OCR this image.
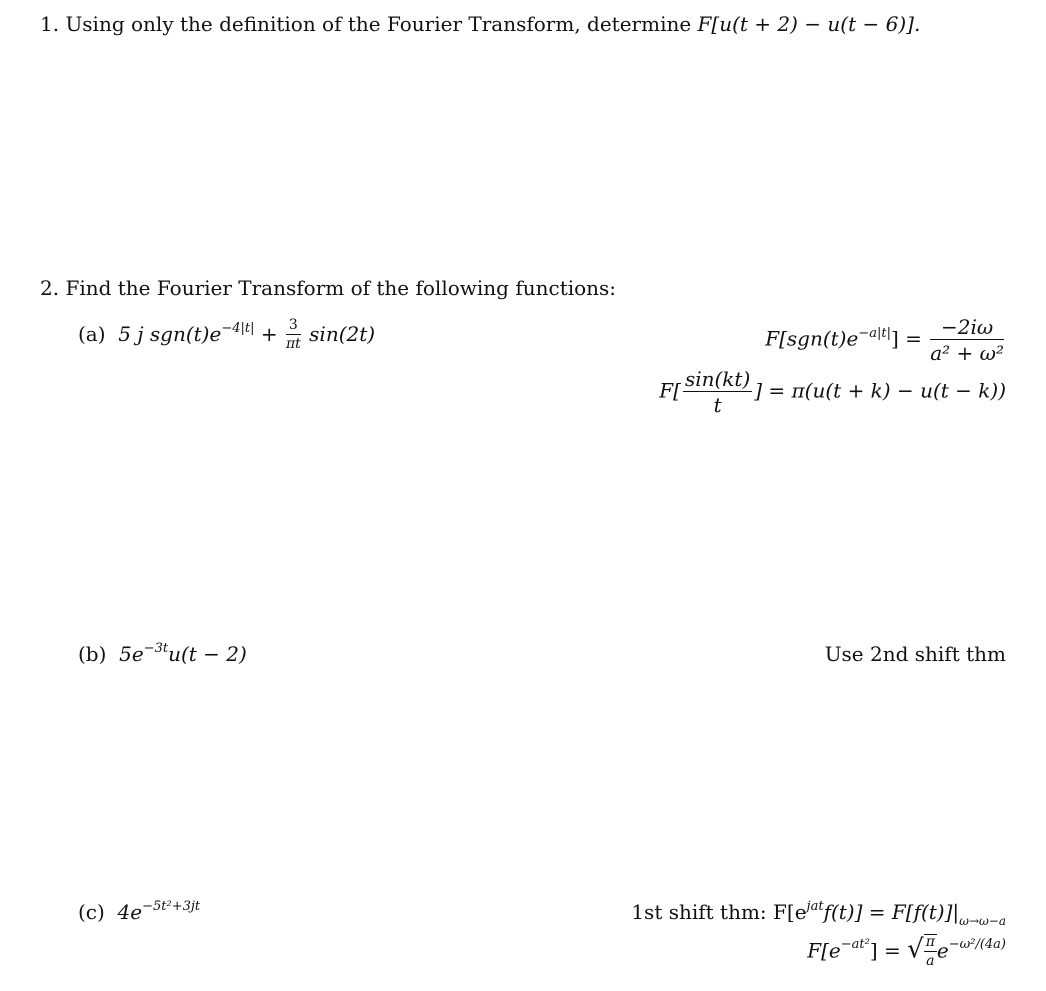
1. Using only the definition of the Fourier Transform, determine F[u(t + 2) − u(t − 6)].
2. Find the Fourier Transform of the following functions:
(a) 5 j $sgn(t)e^{-4|t|} + \frac{3}{\pi t} \sin(2t)$	$F[sgn(t)e^{-a|t|}] = \frac{-2i\omega}{\text{a² + ω²}}$
$F[ \frac{\sin(kt)}{t}$ ] = π(u(t + k) − u(t − k))
(b) $5e^{-3t}u(t - 2)$	Use 2nd shift thm
(c) $4e^{-5t^2+3jt}$	1st shift thm: $F[e^{jat}f(t)] = F[f(t)]|_{\omega\to\omega-a}$
$F[e^{-at^2}]$ = √ $\frac{\pi}{a} e^{-\omega^2/(4a)}$
